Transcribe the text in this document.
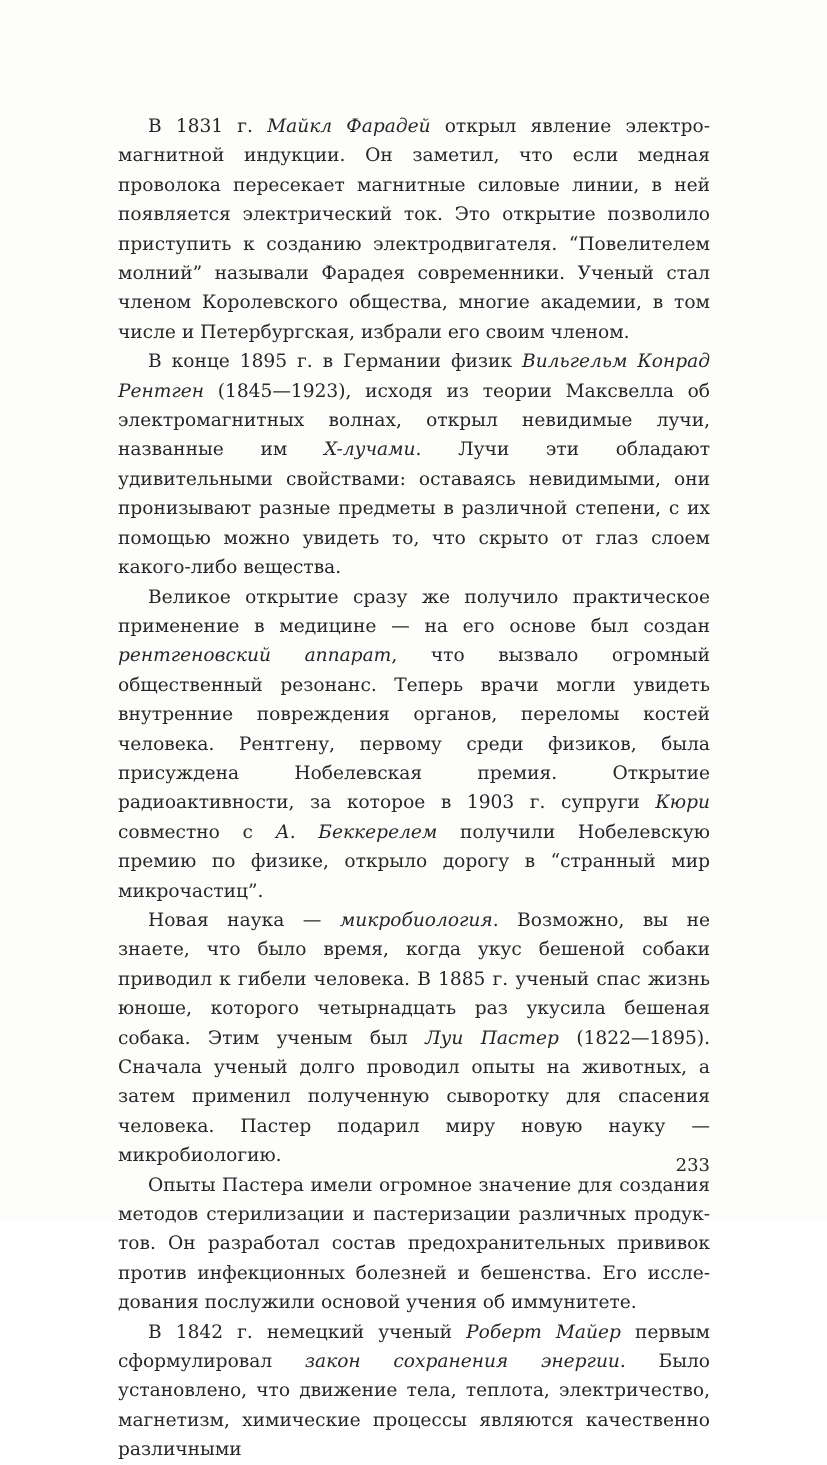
В 1831 г. Майкл Фарадей открыл явление электромагнитной индукции. Он заметил, что если медная проволока пересекает магнитные силовые линии, в ней появляется электрический ток. Это открытие позволило приступить к созданию электродвигателя. “Повелителем молний” называли Фарадея современники. Ученый стал членом Королевского общества, многие академии, в том числе и Петербургская, избрали его своим членом.

В конце 1895 г. в Германии физик Вильгельм Конрад Рентген (1845—1923), исходя из теории Максвелла об электромагнитных волнах, открыл невидимые лучи, названные им X-лучами. Лучи эти обладают удивительными свойствами: оставаясь невидимыми, они пронизывают разные предметы в различной степени, с их помощью можно увидеть то, что скрыто от глаз слоем какого-либо вещества.

Великое открытие сразу же получило практическое применение в медицине — на его основе был создан рентгеновский аппарат, что вызвало огромный общественный резонанс. Теперь врачи могли увидеть внутренние повреждения органов, переломы костей человека. Рентгену, первому среди физиков, была присуждена Нобелевская премия. Открытие радиоактивности, за которое в 1903 г. супруги Кюри совместно с А. Беккерелем получили Нобелевскую премию по физике, открыло дорогу в “странный мир микрочастиц”.

Новая наука — микробиология. Возможно, вы не знаете, что было время, когда укус бешеной собаки приводил к гибели человека. В 1885 г. ученый спас жизнь юноше, которого четырнадцать раз укусила бешеная собака. Этим ученым был Луи Пастер (1822—1895). Сначала ученый долго проводил опыты на животных, а затем применил полученную сыворотку для спасения человека. Пастер подарил миру новую науку — микробиологию.

Опыты Пастера имели огромное значение для создания методов стерилизации и пастеризации различных продуктов. Он разработал состав предохранительных прививок против инфекционных болезней и бешенства. Его исследования послужили основой учения об иммунитете.

В 1842 г. немецкий ученый Роберт Майер первым сформулировал закон сохранения энергии. Было установлено, что движение тела, теплота, электричество, магнетизм, химические процессы являются качественно различными

233
